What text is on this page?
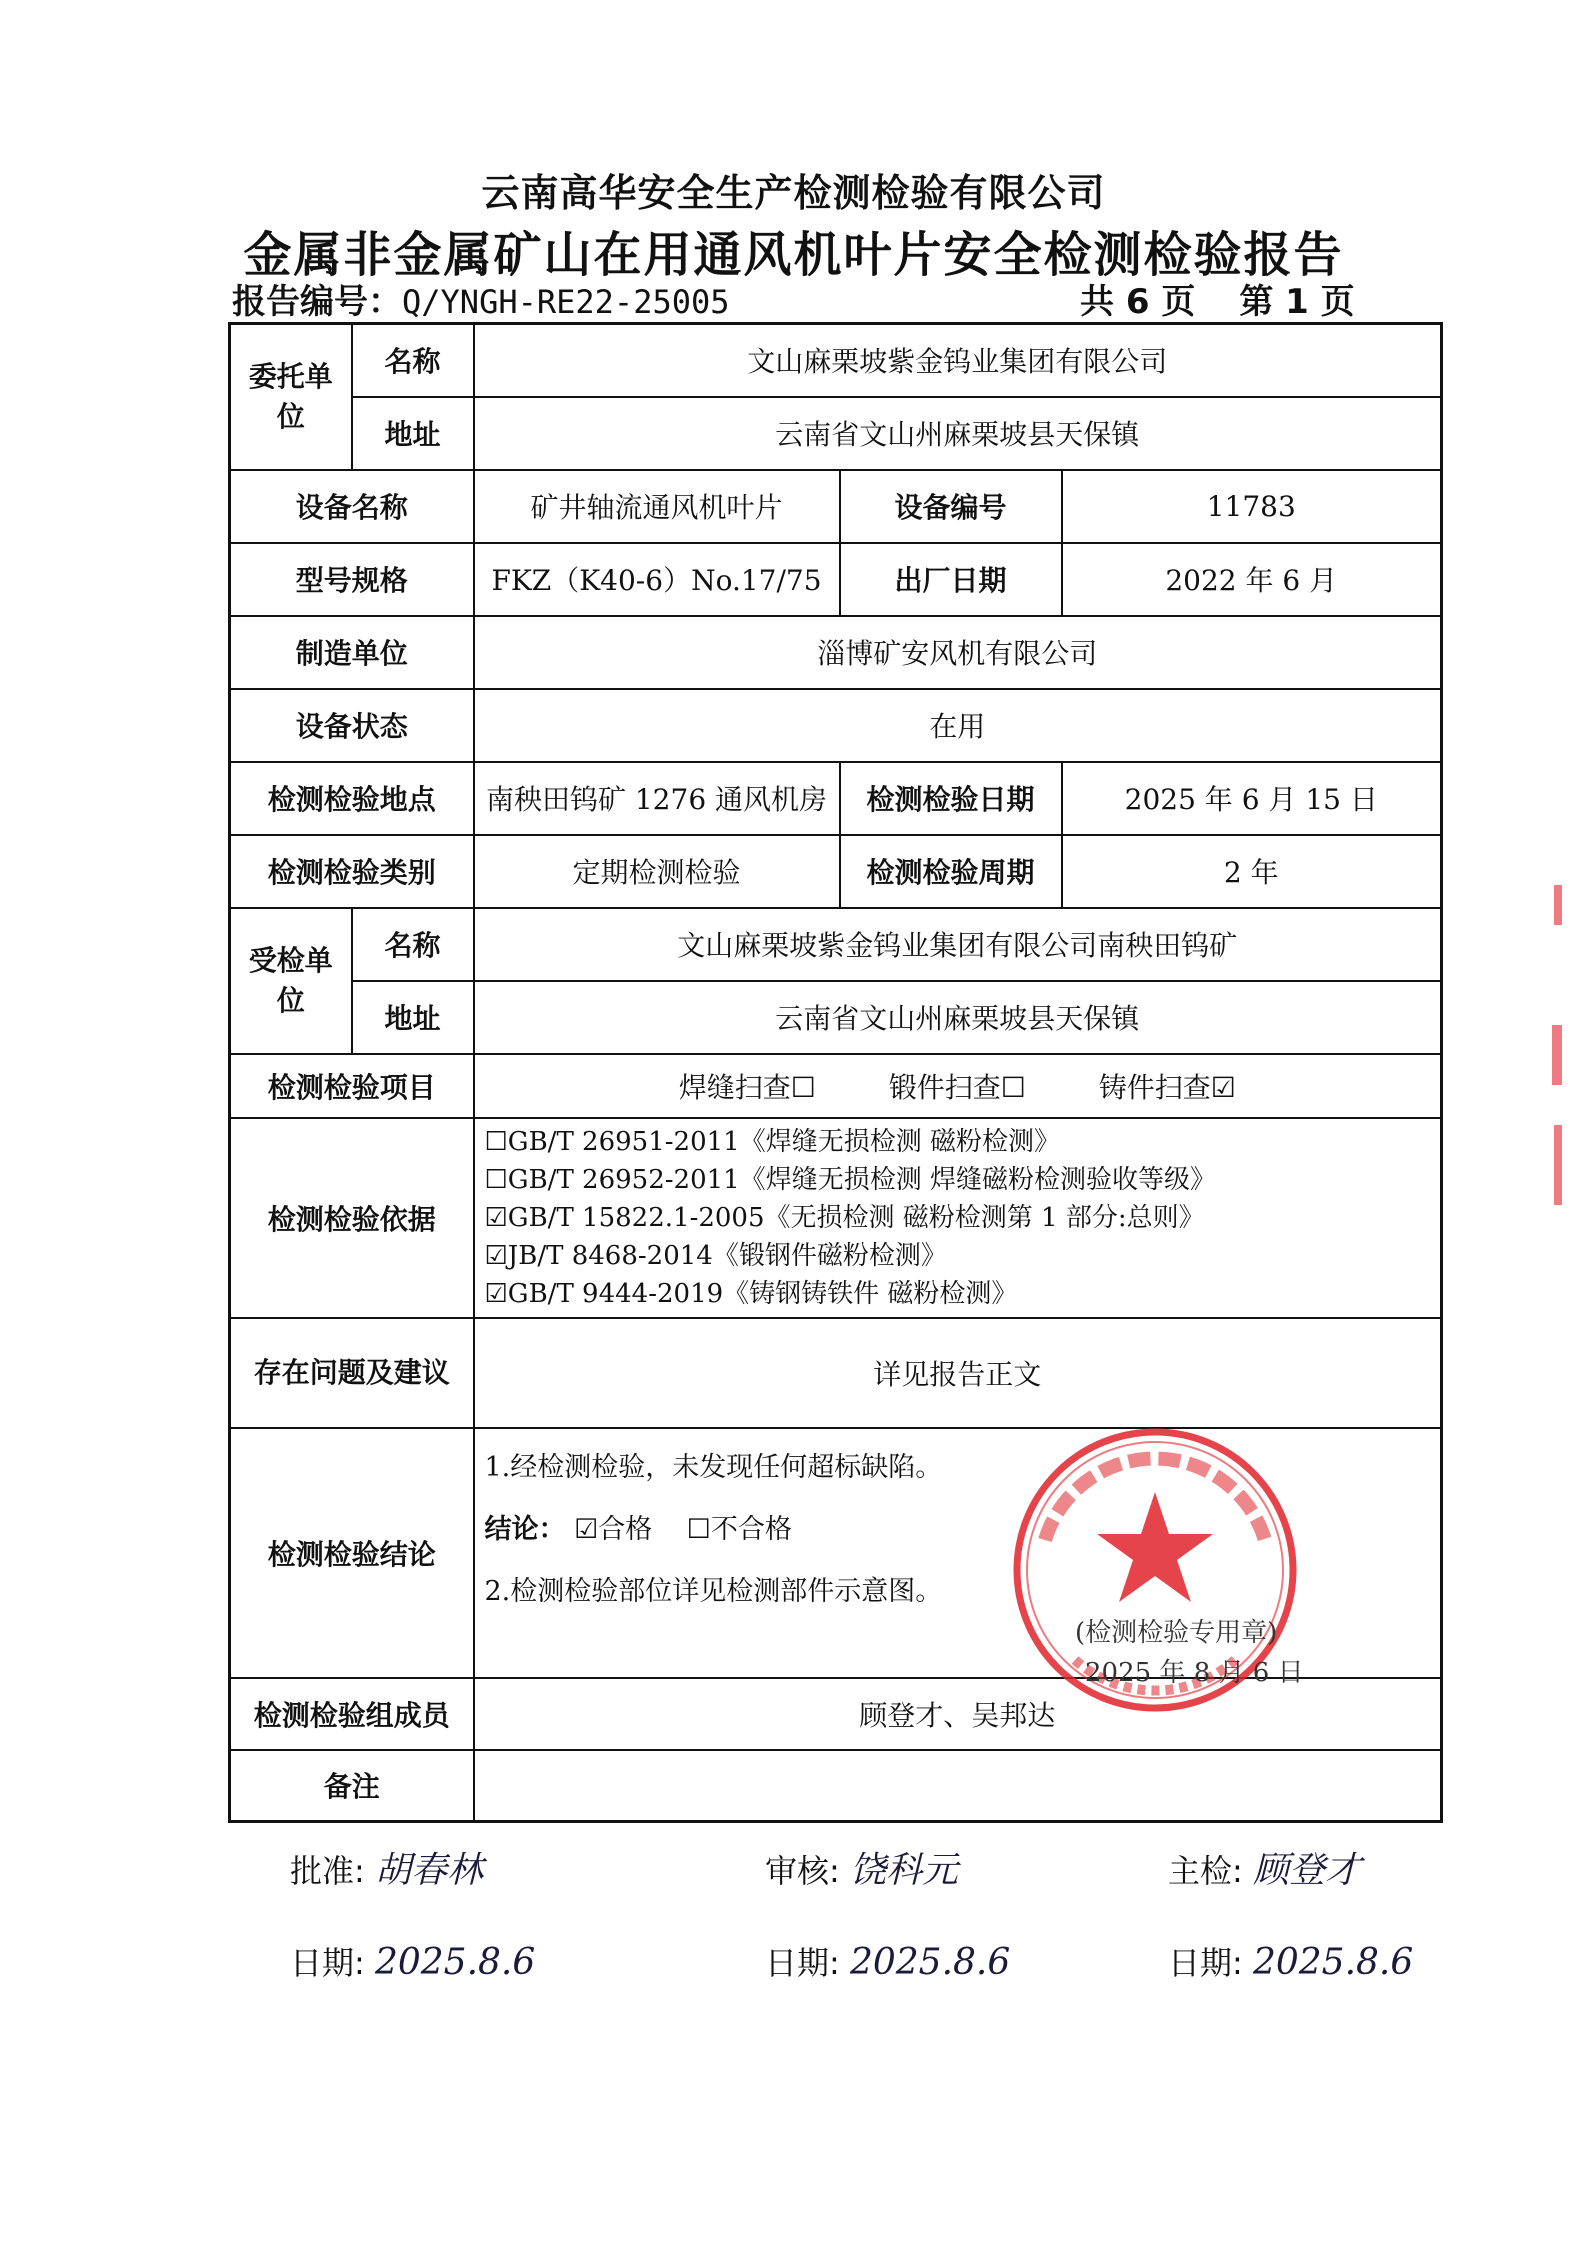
云南高华安全生产检测检验有限公司
金属非金属矿山在用通风机叶片安全检测检验报告
报告编号：Q/YNGH-RE22-25005	共 6 页 第 1 页
委托单位	名称	文山麻栗坡紫金钨业集团有限公司		
	地址	云南省文山州麻栗坡县天保镇		
设备名称		矿井轴流通风机叶片	设备编号	11783
型号规格		FKZ（K40-6）No.17/75	出厂日期	2022 年 6 月
制造单位		淄博矿安风机有限公司		
设备状态		在用		
检测检验地点		南秧田钨矿 1276 通风机房	检测检验日期	2025 年 6 月 15 日
检测检验类别		定期检测检验	检测检验周期	2 年
受检单位	名称	文山麻栗坡紫金钨业集团有限公司南秧田钨矿		
	地址	云南省文山州麻栗坡县天保镇		
检测检验项目		焊缝扫查☐ 锻件扫查☐ 铸件扫查☑		
检测检验依据		☐GB/T 26951-2011《焊缝无损检测 磁粉检测》
☐GB/T 26952-2011《焊缝无损检测 焊缝磁粉检测验收等级》
☑GB/T 15822.1-2005《无损检测 磁粉检测第 1 部分:总则》
☑JB/T 8468-2014《锻钢件磁粉检测》
☑GB/T 9444-2019《铸钢铸铁件 磁粉检测》		

存在问题及建议		详见报告正文		
检测检验结论		1.经检测检验，未发现任何超标缺陷。
结论： ☑合格 ☐不合格
2.检测检验部位详见检测部件示意图。		

检测检验组成员		顾登才、吴邦达		
备注				
(检测检验专用章)
2025 年 8 月 6 日
批准: 胡春林	审核: 饶科元	主检: 顾登才
日期: 2025.8.6	日期: 2025.8.6	日期: 2025.8.6
